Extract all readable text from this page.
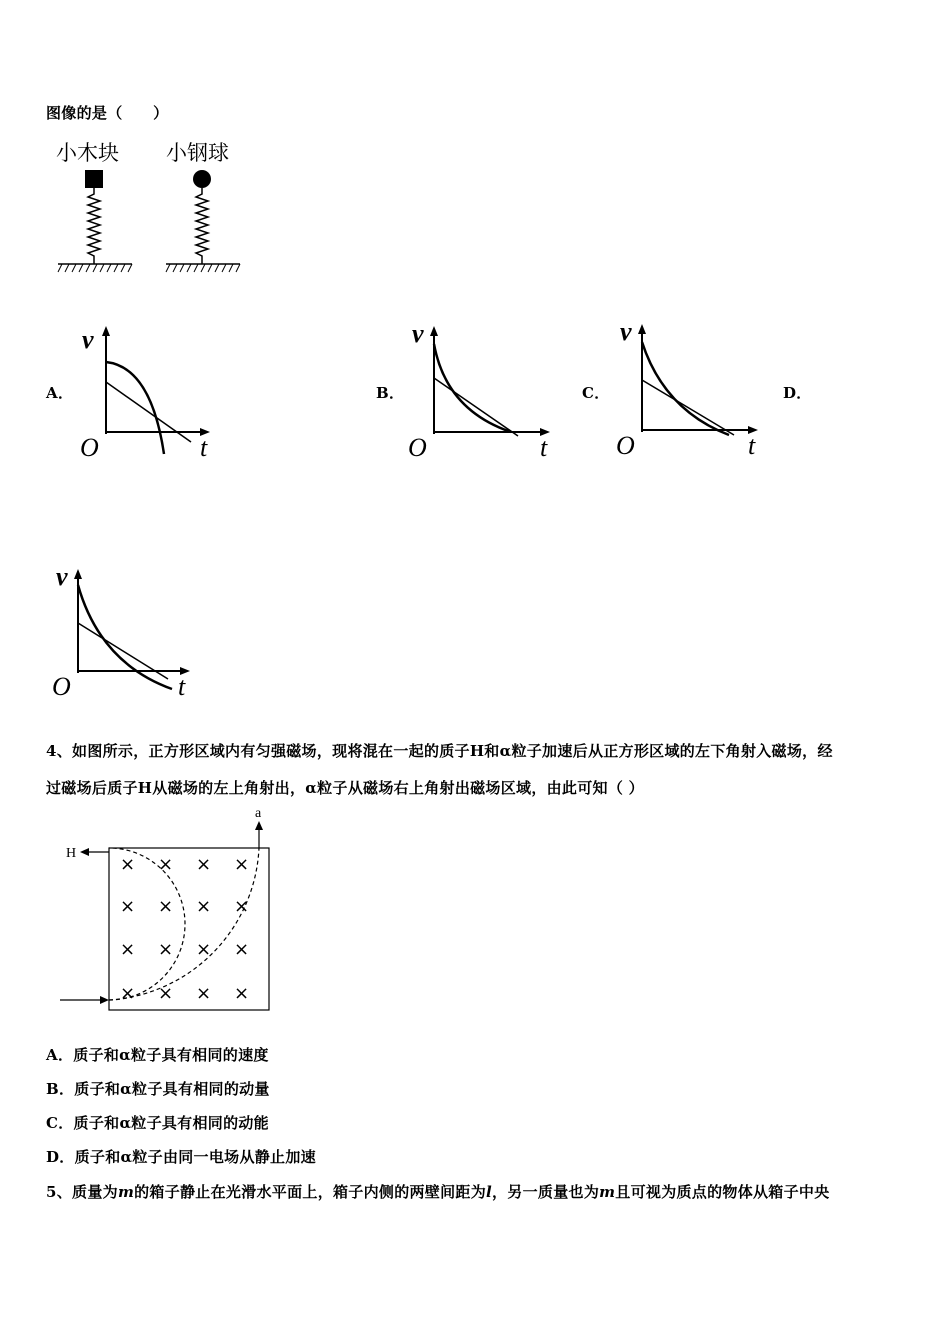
图像的是（　　）
小木块 小钢球
A．	B．	C．	D．
v
O	t
v
O	t
v
O	t
v
O	t
4、如图所示，正方形区域内有匀强磁场，现将混在一起的质子H和α粒子加速后从正方形区域的左下角射入磁场，经
过磁场后质子H从磁场的左上角射出，α粒子从磁场右上角射出磁场区域，由此可知（ ）
× × × ×
× × × ×
× × × ×
× × × ×
H
a
A．质子和α粒子具有相同的速度
B．质子和α粒子具有相同的动量
C．质子和α粒子具有相同的动能
D．质子和α粒子由同一电场从静止加速
5、质量为m的箱子静止在光滑水平面上，箱子内侧的两壁间距为l，另一质量也为m且可视为质点的物体从箱子中央
